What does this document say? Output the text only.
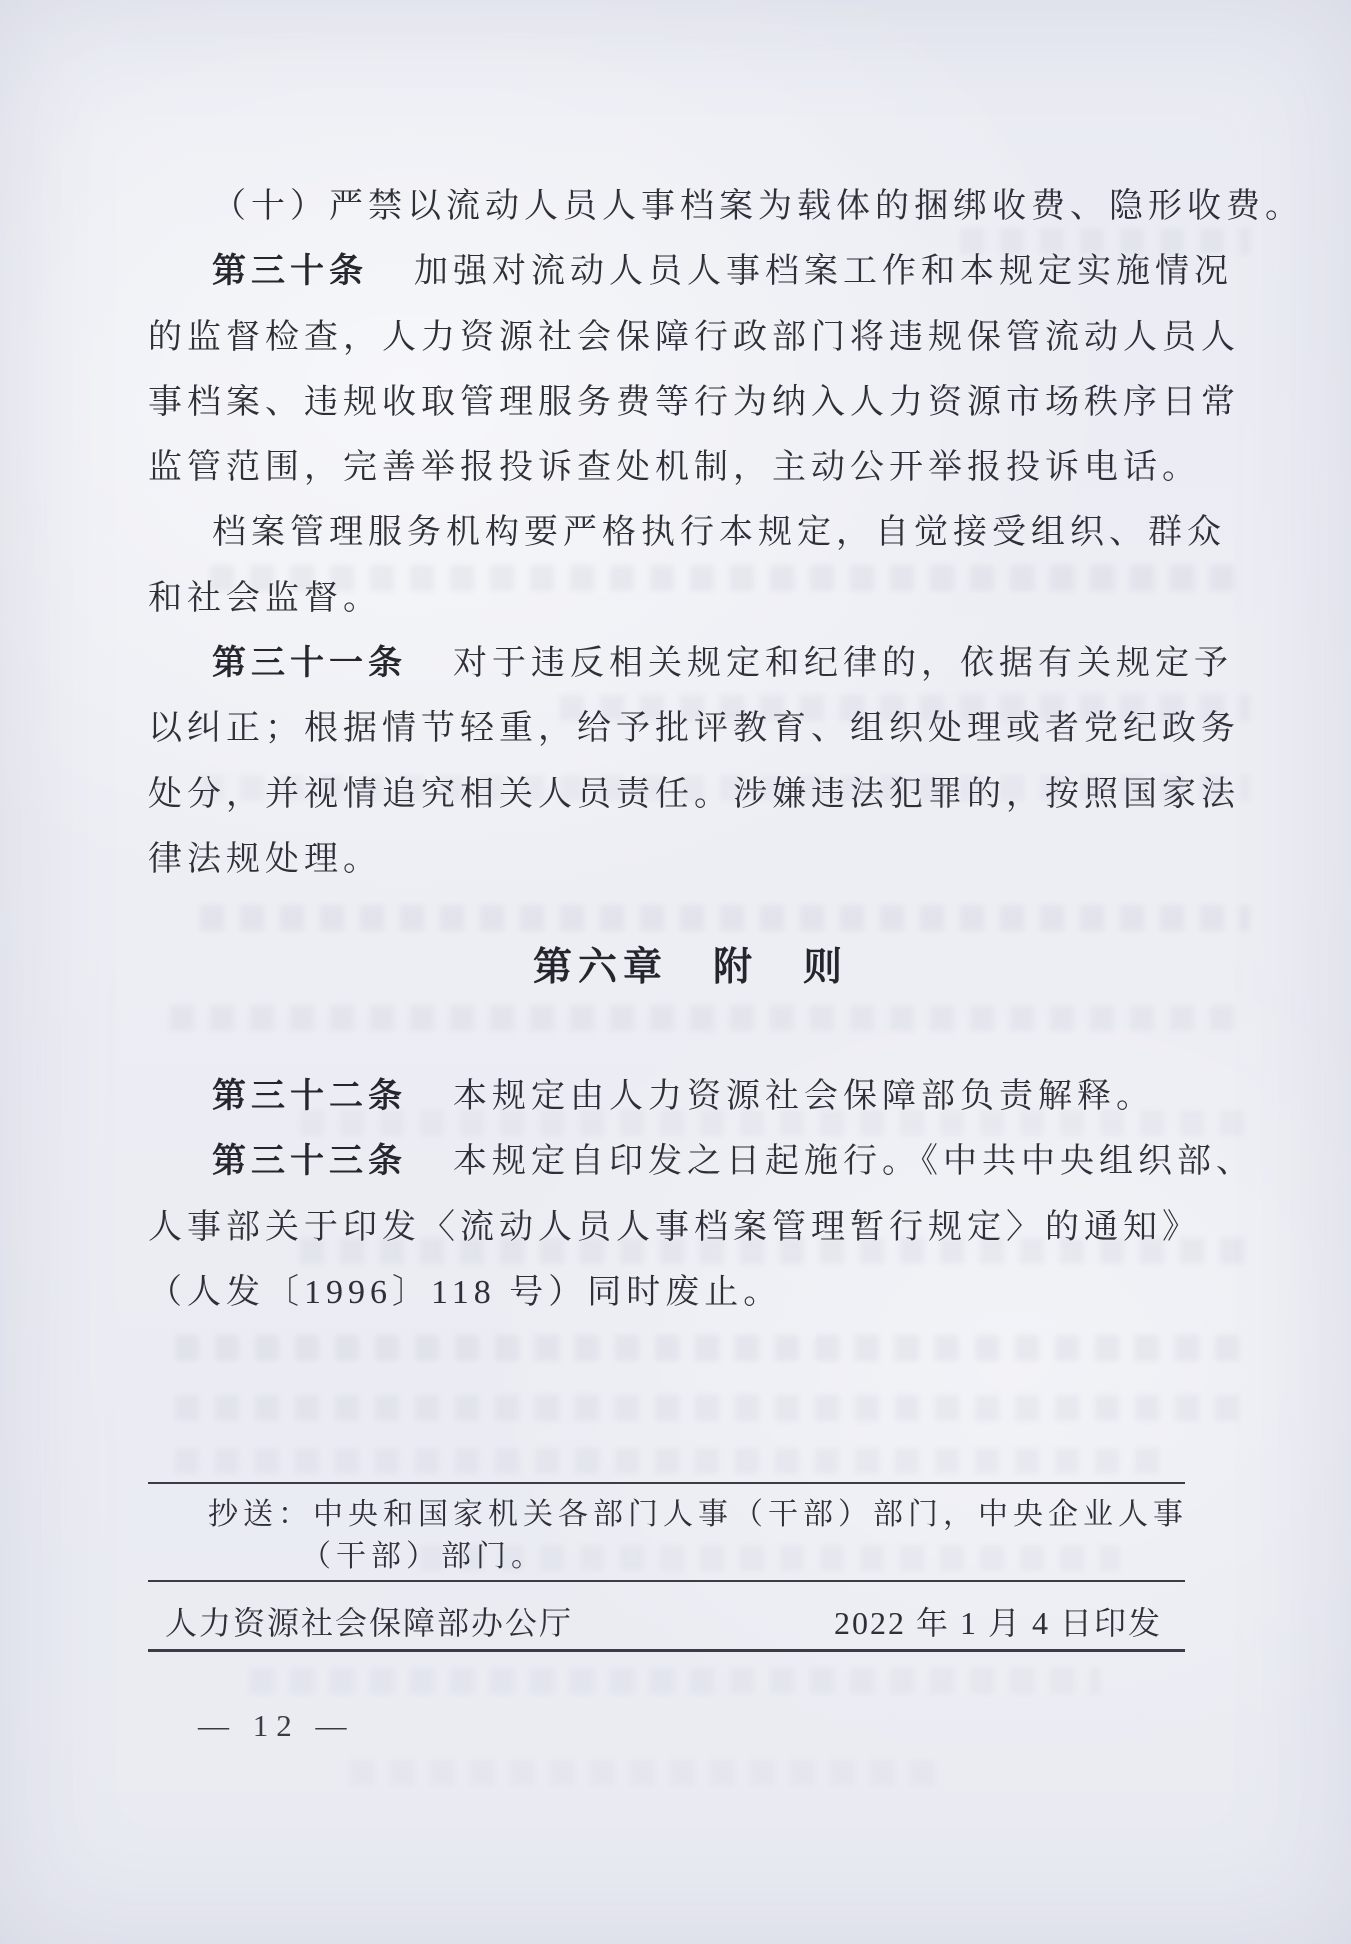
（十）严禁以流动人员人事档案为载体的捆绑收费、隐形收费。
第三十条 加强对流动人员人事档案工作和本规定实施情况
的监督检查，人力资源社会保障行政部门将违规保管流动人员人
事档案、违规收取管理服务费等行为纳入人力资源市场秩序日常
监管范围，完善举报投诉查处机制，主动公开举报投诉电话。
档案管理服务机构要严格执行本规定，自觉接受组织、群众
和社会监督。
第三十一条 对于违反相关规定和纪律的，依据有关规定予
以纠正；根据情节轻重，给予批评教育、组织处理或者党纪政务
处分，并视情追究相关人员责任。涉嫌违法犯罪的，按照国家法
律法规处理。
第六章　附　则
第三十二条 本规定由人力资源社会保障部负责解释。
第三十三条 本规定自印发之日起施行。《中共中央组织部、
人事部关于印发〈流动人员人事档案管理暂行规定〉的通知》
（人发〔1996〕118 号）同时废止。
抄送：中央和国家机关各部门人事（干部）部门，中央企业人事
（干部）部门。
人力资源社会保障部办公厅	2022 年 1 月 4 日印发
— 12 —
